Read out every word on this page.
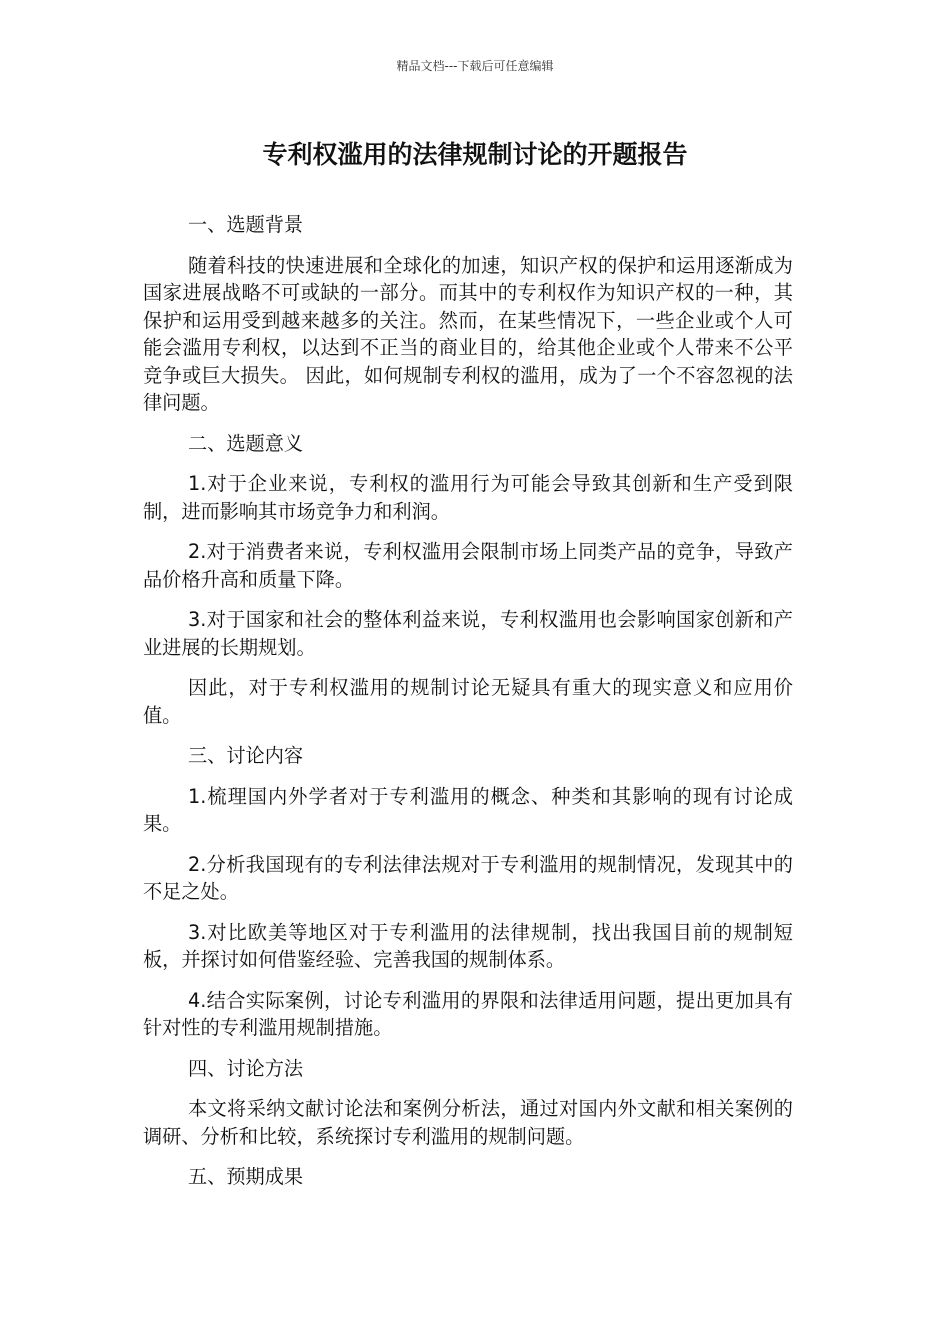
精品文档---下载后可任意编辑
专利权滥用的法律规制讨论的开题报告

一、选题背景

随着科技的快速进展和全球化的加速，知识产权的保护和运用逐渐成为国家进展战略不可或缺的一部分。而其中的专利权作为知识产权的一种，其保护和运用受到越来越多的关注。然而，在某些情况下，一些企业或个人可能会滥用专利权，以达到不正当的商业目的，给其他企业或个人带来不公平竞争或巨大损失。 因此，如何规制专利权的滥用，成为了一个不容忽视的法律问题。

二、选题意义

1.对于企业来说，专利权的滥用行为可能会导致其创新和生产受到限制，进而影响其市场竞争力和利润。

2.对于消费者来说，专利权滥用会限制市场上同类产品的竞争，导致产品价格升高和质量下降。

3.对于国家和社会的整体利益来说，专利权滥用也会影响国家创新和产业进展的长期规划。

因此，对于专利权滥用的规制讨论无疑具有重大的现实意义和应用价值。

三、讨论内容

1.梳理国内外学者对于专利滥用的概念、种类和其影响的现有讨论成果。

2.分析我国现有的专利法律法规对于专利滥用的规制情况，发现其中的不足之处。

3.对比欧美等地区对于专利滥用的法律规制，找出我国目前的规制短板，并探讨如何借鉴经验、完善我国的规制体系。

4.结合实际案例，讨论专利滥用的界限和法律适用问题，提出更加具有针对性的专利滥用规制措施。

四、讨论方法

本文将采纳文献讨论法和案例分析法，通过对国内外文献和相关案例的调研、分析和比较，系统探讨专利滥用的规制问题。

五、预期成果
